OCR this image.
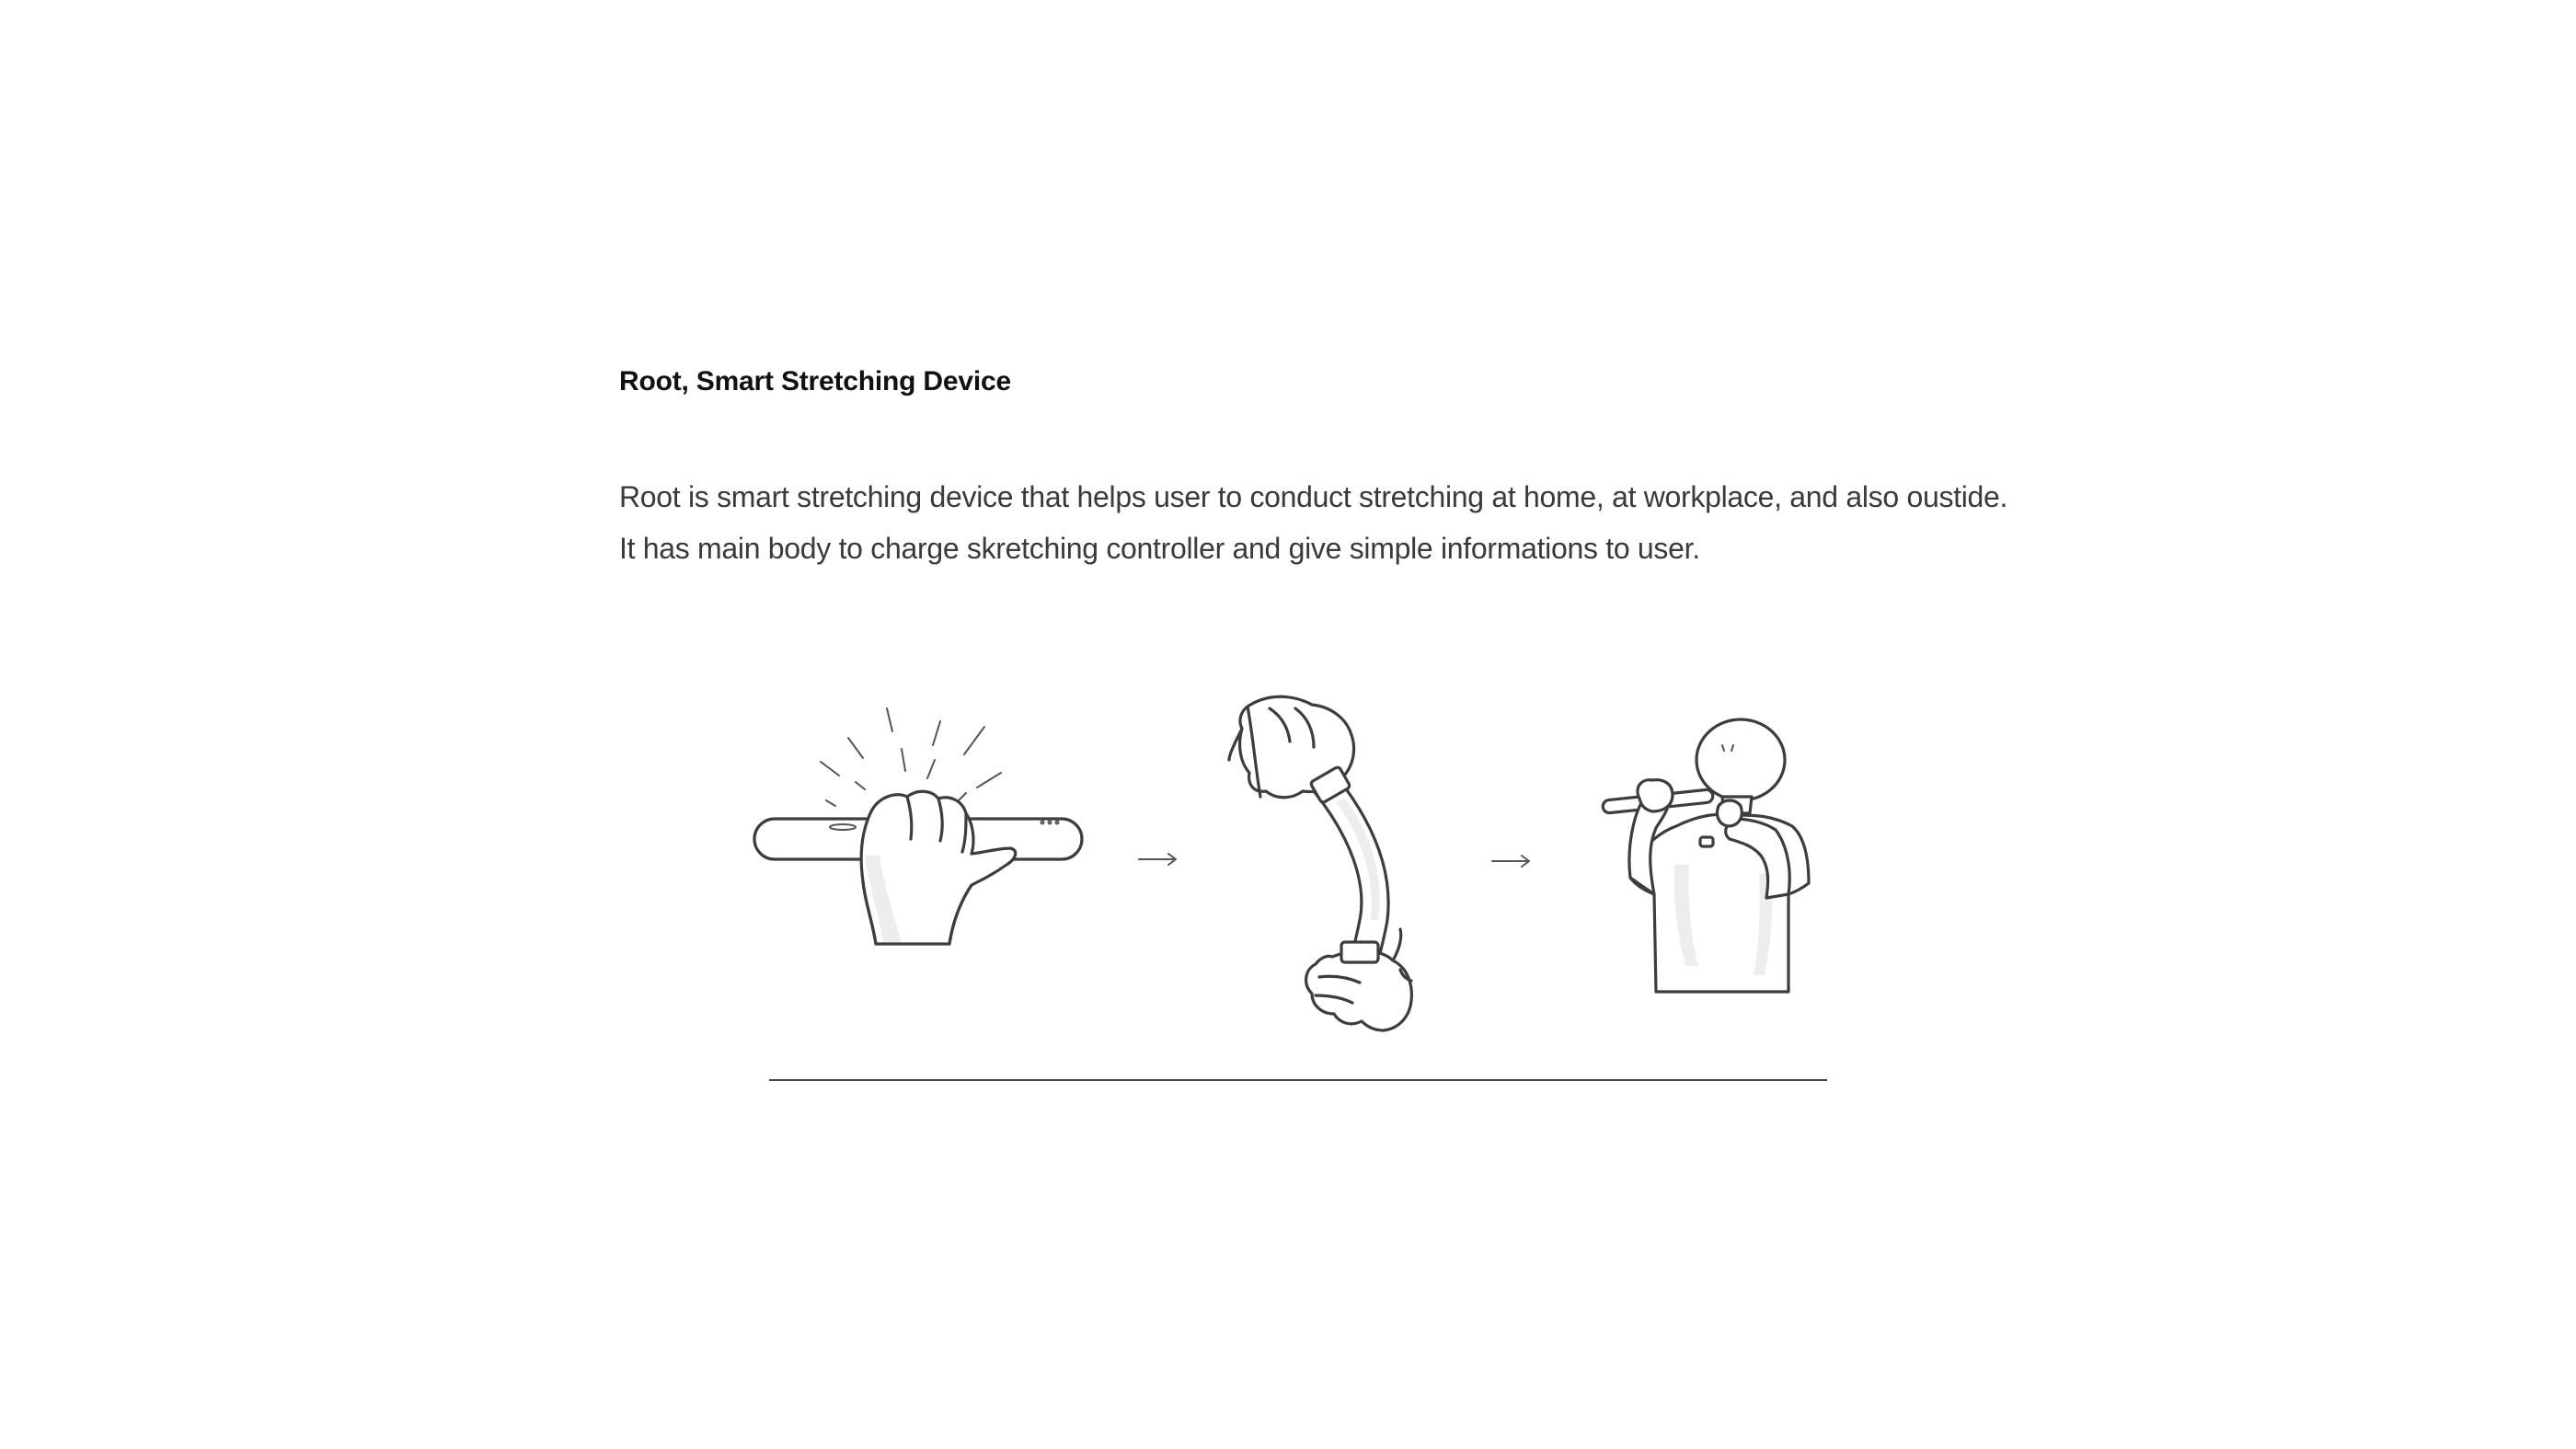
Root, Smart Stretching Device

Root is smart stretching device that helps user to conduct stretching at home, at workplace, and also oustide.

It has main body to charge skretching controller and give simple informations to user.
